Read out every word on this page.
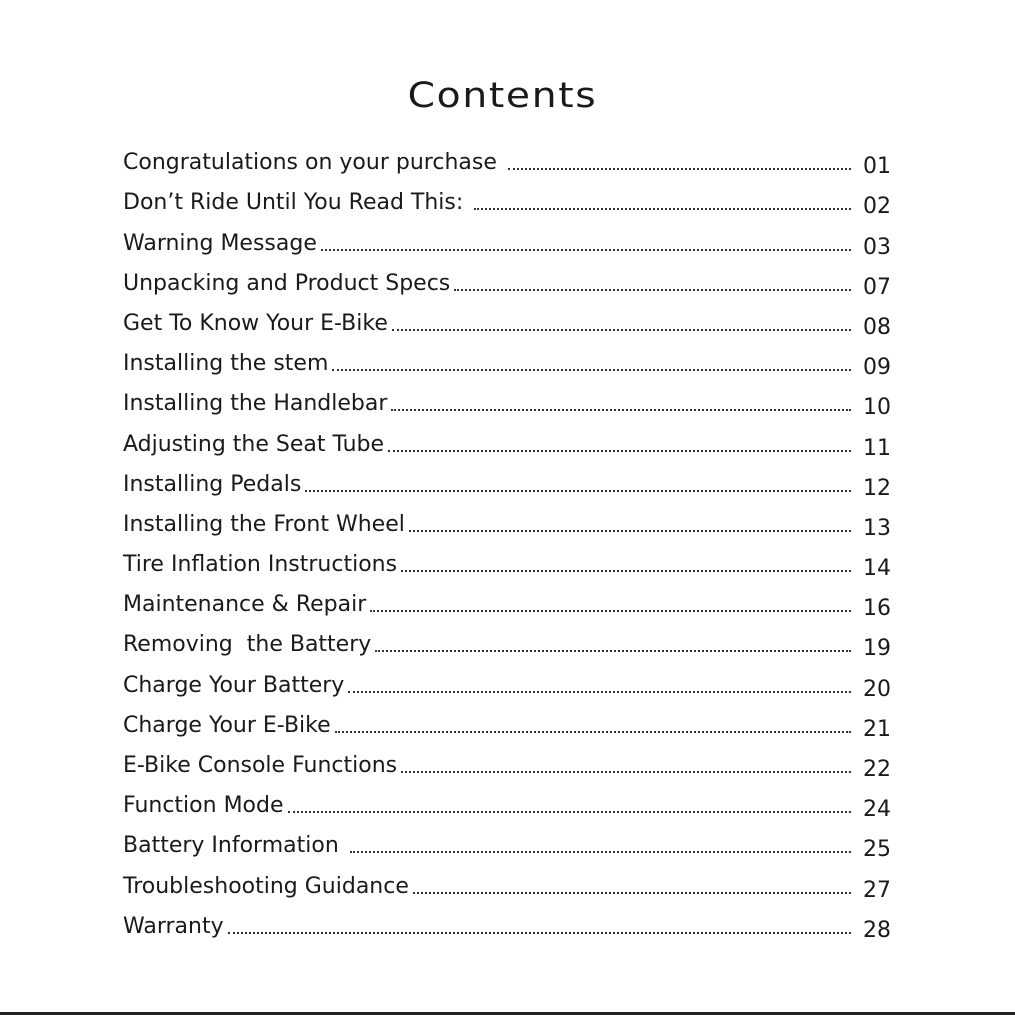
Contents
Congratulations on your purchase	01
Don’t Ride Until You Read This:	02
Warning Message	03
Unpacking and Product Specs	07
Get To Know Your E-Bike	08
Installing the stem	09
Installing the Handlebar	10
Adjusting the Seat Tube	11
Installing Pedals	12
Installing the Front Wheel	13
Tire Inflation Instructions	14
Maintenance & Repair	16
Removing  the Battery	19
Charge Your Battery	20
Charge Your E-Bike	21
E-Bike Console Functions	22
Function Mode	24
Battery Information	25
Troubleshooting Guidance	27
Warranty	28
